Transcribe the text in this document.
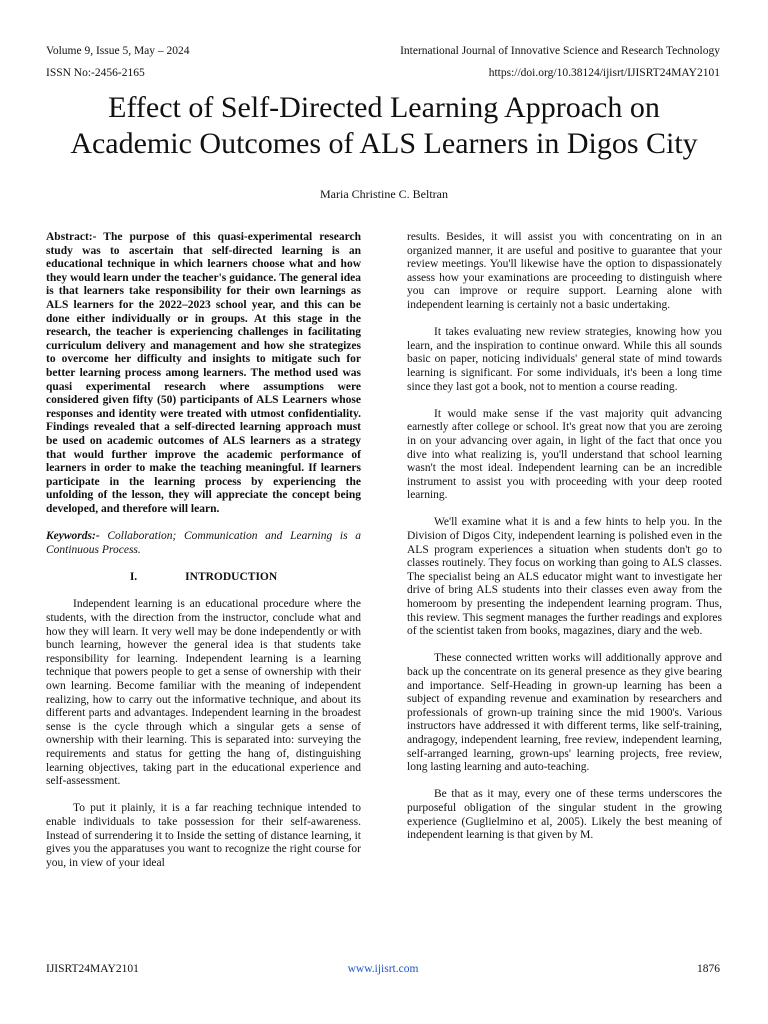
Volume 9, Issue 5, May – 2024	International Journal of Innovative Science and Research Technology
ISSN No:-2456-2165	https://doi.org/10.38124/ijisrt/IJISRT24MAY2101
Effect of Self-Directed Learning Approach on
Academic Outcomes of ALS Learners in Digos City
Maria Christine C. Beltran

Abstract:- The purpose of this quasi-experimental research study was to ascertain that self-directed learning is an educational technique in which learners choose what and how they would learn under the teacher's guidance. The general idea is that learners take responsibility for their own learnings as ALS learners for the 2022–2023 school year, and this can be done either individually or in groups. At this stage in the research, the teacher is experiencing challenges in facilitating curriculum delivery and management and how she strategizes to overcome her difficulty and insights to mitigate such for better learning process among learners. The method used was quasi experimental research where assumptions were considered given fifty (50) participants of ALS Learners whose responses and identity were treated with utmost confidentiality. Findings revealed that a self-directed learning approach must be used on academic outcomes of ALS learners as a strategy that would further improve the academic performance of learners in order to make the teaching meaningful. If learners participate in the learning process by experiencing the unfolding of the lesson, they will appreciate the concept being developed, and therefore will learn.

Keywords:- Collaboration; Communication and Learning is a Continuous Process.

I.	INTRODUCTION

Independent learning is an educational procedure where the students, with the direction from the instructor, conclude what and how they will learn. It very well may be done independently or with bunch learning, however the general idea is that students take responsibility for learning. Independent learning is a learning technique that powers people to get a sense of ownership with their own learning. Become familiar with the meaning of independent realizing, how to carry out the informative technique, and about its different parts and advantages. Independent learning in the broadest sense is the cycle through which a singular gets a sense of ownership with their learning. This is separated into: surveying the requirements and status for getting the hang of, distinguishing learning objectives, taking part in the educational experience and self-assessment.

To put it plainly, it is a far reaching technique intended to enable individuals to take possession for their self-awareness. Instead of surrendering it to Inside the setting of distance learning, it gives you the apparatuses you want to recognize the right course for you, in view of your ideal

results. Besides, it will assist you with concentrating on in an organized manner, it are useful and positive to guarantee that your review meetings. You'll likewise have the option to dispassionately assess how your examinations are proceeding to distinguish where you can improve or require support. Learning alone with independent learning is certainly not a basic undertaking.

It takes evaluating new review strategies, knowing how you learn, and the inspiration to continue onward. While this all sounds basic on paper, noticing individuals' general state of mind towards learning is significant. For some individuals, it's been a long time since they last got a book, not to mention a course reading.

It would make sense if the vast majority quit advancing earnestly after college or school. It's great now that you are zeroing in on your advancing over again, in light of the fact that once you dive into what realizing is, you'll understand that school learning wasn't the most ideal. Independent learning can be an incredible instrument to assist you with proceeding with your deep rooted learning.

We'll examine what it is and a few hints to help you. In the Division of Digos City, independent learning is polished even in the ALS program experiences a situation when students don't go to classes routinely. They focus on working than going to ALS classes. The specialist being an ALS educator might want to investigate her drive of bring ALS students into their classes even away from the homeroom by presenting the independent learning program. Thus, this review. This segment manages the further readings and explores of the scientist taken from books, magazines, diary and the web.

These connected written works will additionally approve and back up the concentrate on its general presence as they give bearing and importance. Self-Heading in grown-up learning has been a subject of expanding revenue and examination by researchers and professionals of grown-up training since the mid 1900's. Various instructors have addressed it with different terms, like self-training, andragogy, independent learning, free review, independent learning, self-arranged learning, grown-ups' learning projects, free review, long lasting learning and auto-teaching.

Be that as it may, every one of these terms underscores the purposeful obligation of the singular student in the growing experience (Guglielmino et al, 2005). Likely the best meaning of independent learning is that given by M.

IJISRT24MAY2101	www.ijisrt.com	1876
